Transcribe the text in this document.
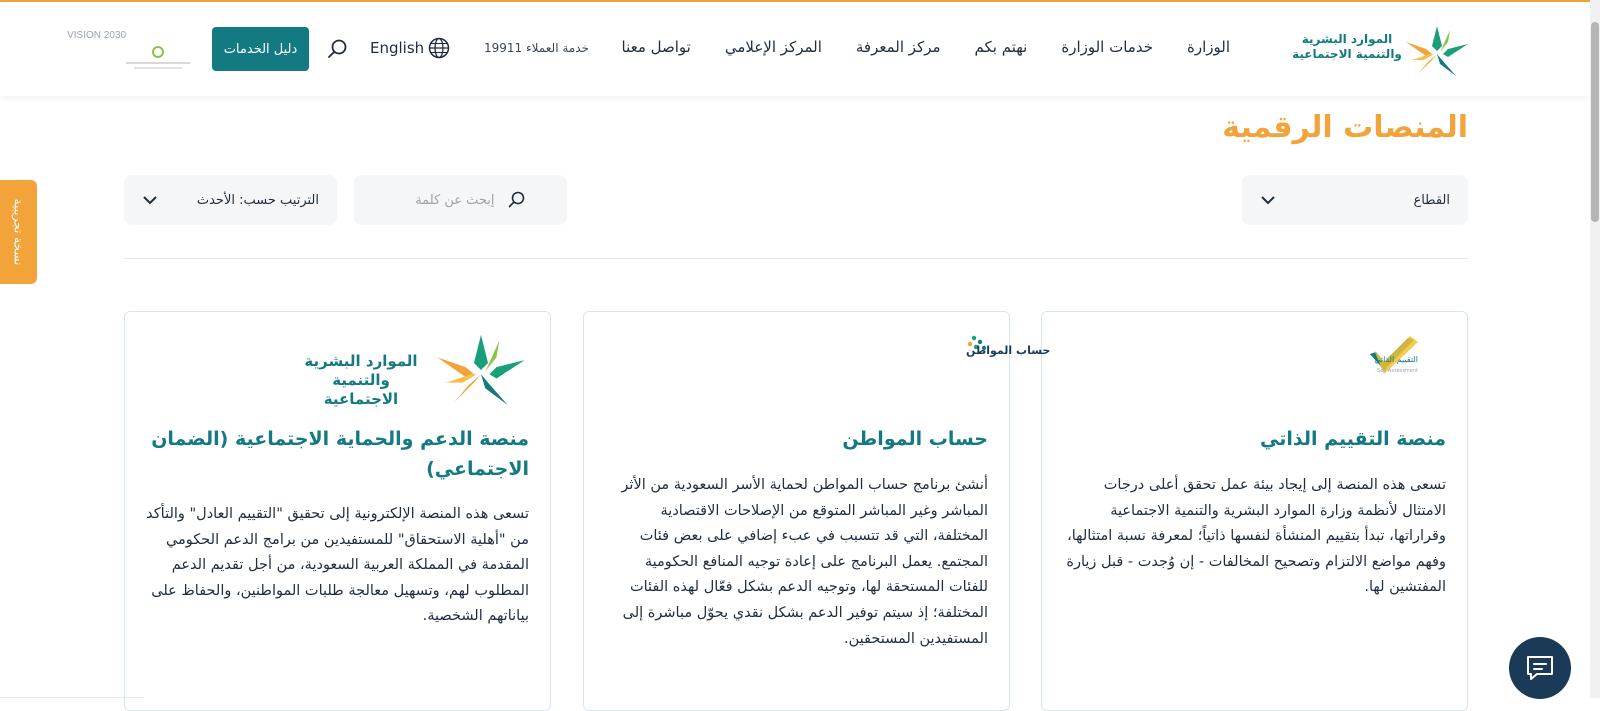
الموارد البشرية والتنمية الاجتماعية
الوزارة
خدمات الوزارة
نهتم بكم
مركز المعرفة
المركز الإعلامي
تواصل معنا
خدمة العملاء 19911
English
دليل الخدمات
VISION 2030
المنصات الرقمية
القطاع
إبحث عن كلمة
الترتيب حسب: الأحدث
التقييم الذاتي
Self Assessment
منصة التقييم الذاتي

تسعى هذه المنصة إلى إيجاد بيئة عمل تحقق أعلى درجات الامتثال لأنظمة وزارة الموارد البشرية والتنمية الاجتماعية وقراراتها، تبدأ بتقييم المنشأة لنفسها ذاتياً؛ لمعرفة نسبة امتثالها، وفهم مواضع الالتزام وتصحيح المخالفات - إن وُجدت - قبل زيارة المفتشين لها.

حساب المواطن
حساب المواطن

أنشئ برنامج حساب المواطن لحماية الأسر السعودية من الأثر المباشر وغير المباشر المتوقع من الإصلاحات الاقتصادية المختلفة، التي قد تتسبب في عبء إضافي على بعض فئات المجتمع. يعمل البرنامج على إعادة توجيه المنافع الحكومية للفئات المستحقة لها، وتوجيه الدعم بشكل فعّال لهذه الفئات المختلفة؛ إذ سيتم توفير الدعم بشكل نقدي يحوّل مباشرة إلى المستفيدين المستحقين.

الموارد البشرية والتنمية الاجتماعية
منصة الدعم والحماية الاجتماعية (الضمان الاجتماعي)

تسعى هذه المنصة الإلكترونية إلى تحقيق "التقييم العادل" والتأكد من "أهلية الاستحقاق" للمستفيدين من برامج الدعم الحكومي المقدمة في المملكة العربية السعودية، من أجل تقديم الدعم المطلوب لهم، وتسهيل معالجة طلبات المواطنين، والحفاظ على بياناتهم الشخصية.

نسخة تجريبية
